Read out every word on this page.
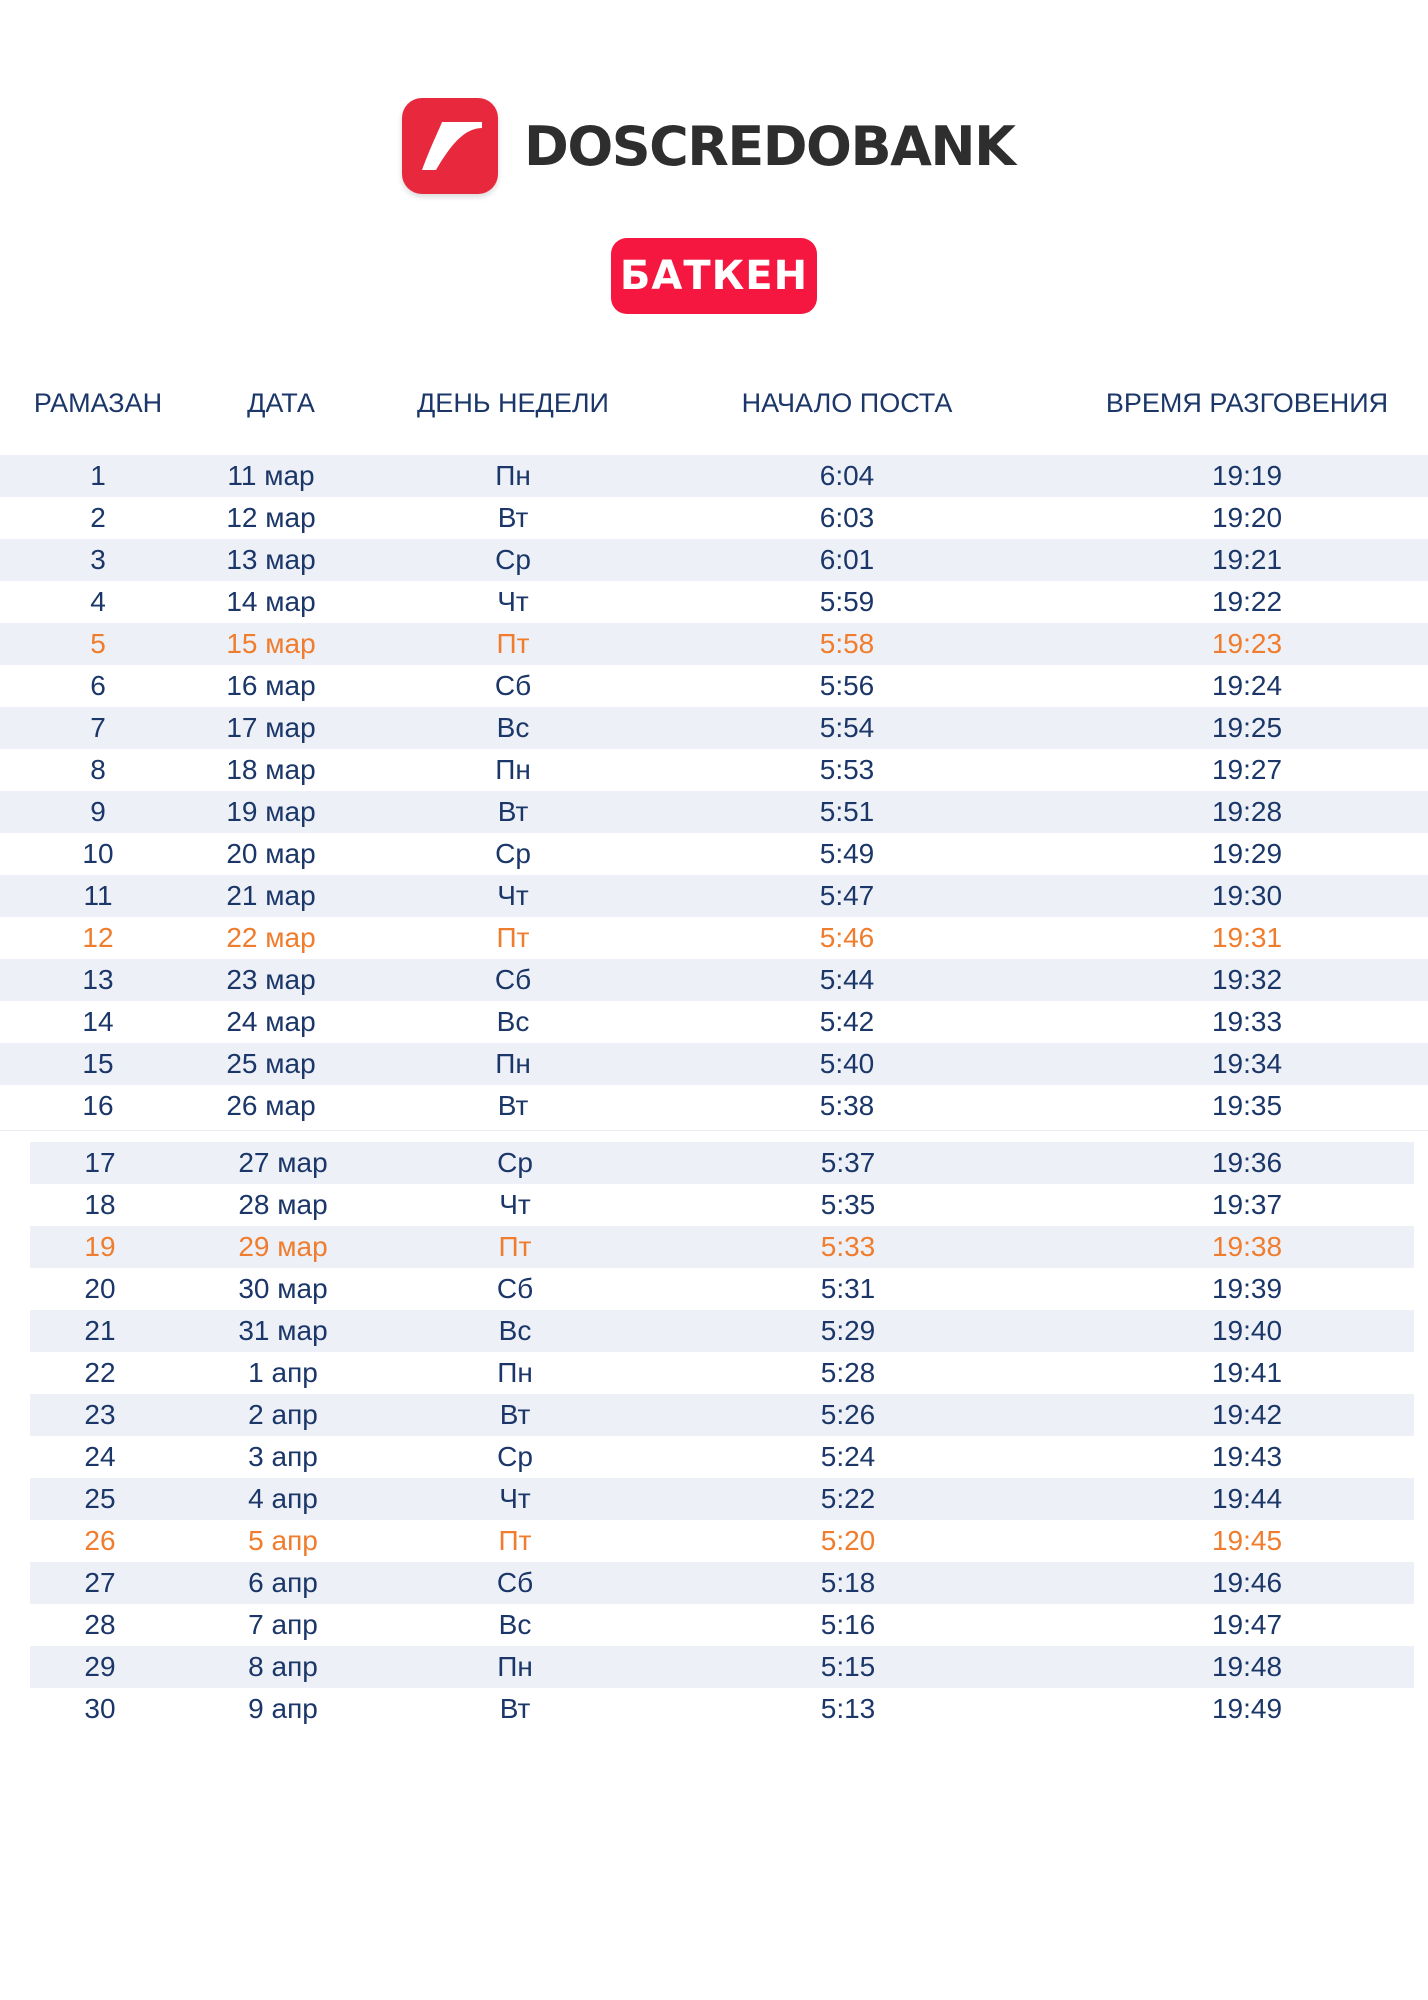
DOSCREDOBANK
БАТКЕН
РАМАЗАН	ДАТА	ДЕНЬ НЕДЕЛИ	НАЧАЛО ПОСТА	ВРЕМЯ РАЗГОВЕНИЯ
1	11 мар	Пн	6:04	19:19
2	12 мар	Вт	6:03	19:20
3	13 мар	Ср	6:01	19:21
4	14 мар	Чт	5:59	19:22
5	15 мар	Пт	5:58	19:23
6	16 мар	Сб	5:56	19:24
7	17 мар	Вс	5:54	19:25
8	18 мар	Пн	5:53	19:27
9	19 мар	Вт	5:51	19:28
10	20 мар	Ср	5:49	19:29
11	21 мар	Чт	5:47	19:30
12	22 мар	Пт	5:46	19:31
13	23 мар	Сб	5:44	19:32
14	24 мар	Вс	5:42	19:33
15	25 мар	Пн	5:40	19:34
16	26 мар	Вт	5:38	19:35
17	27 мар	Ср	5:37	19:36
18	28 мар	Чт	5:35	19:37
19	29 мар	Пт	5:33	19:38
20	30 мар	Сб	5:31	19:39
21	31 мар	Вс	5:29	19:40
22	1 апр	Пн	5:28	19:41
23	2 апр	Вт	5:26	19:42
24	3 апр	Ср	5:24	19:43
25	4 апр	Чт	5:22	19:44
26	5 апр	Пт	5:20	19:45
27	6 апр	Сб	5:18	19:46
28	7 апр	Вс	5:16	19:47
29	8 апр	Пн	5:15	19:48
30	9 апр	Вт	5:13	19:49
